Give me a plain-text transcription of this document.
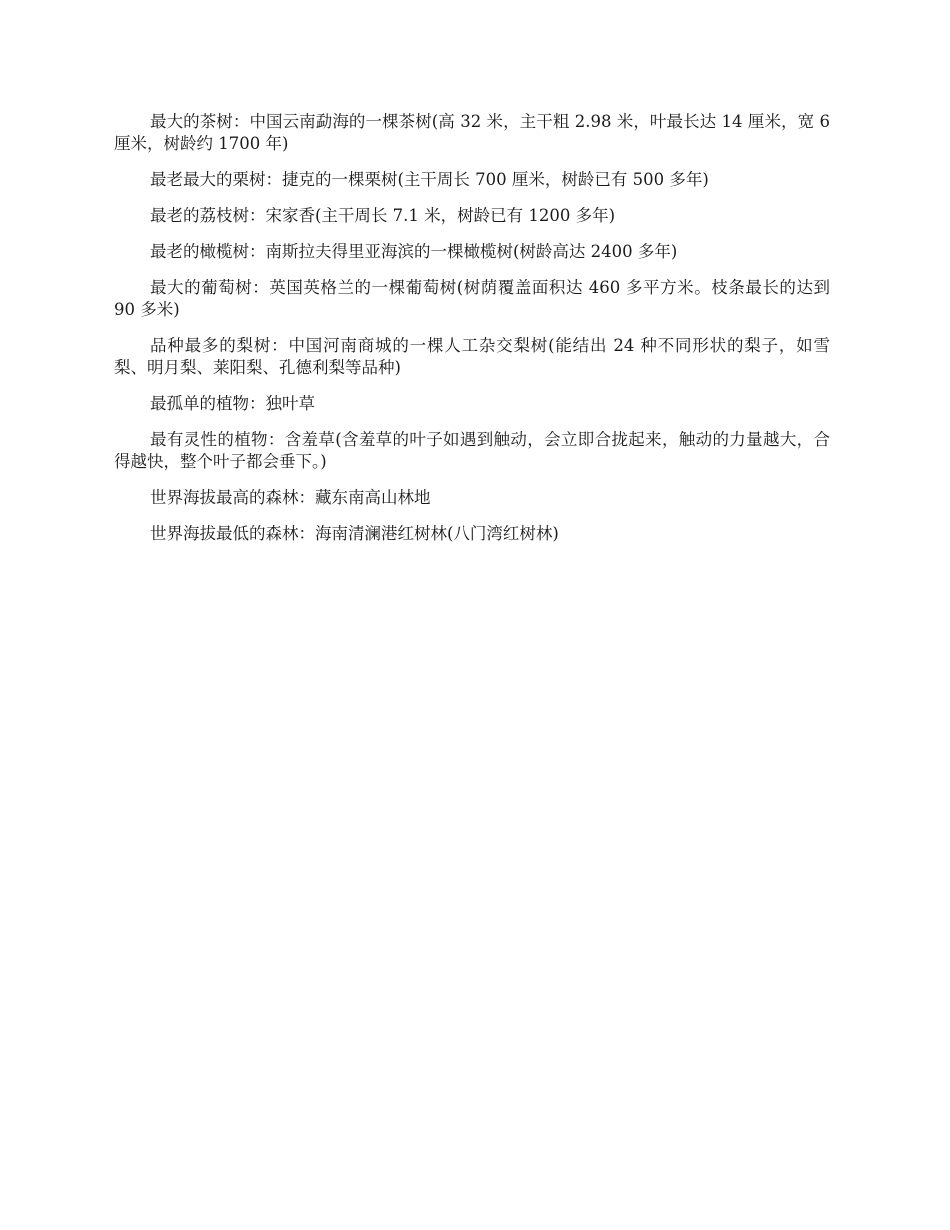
最大的茶树：中国云南勐海的一棵茶树(高 32 米，主干粗 2.98 米，叶最长达 14 厘米，宽 6 厘米，树龄约 1700 年)

最老最大的栗树：捷克的一棵栗树(主干周长 700 厘米，树龄已有 500 多年)

最老的荔枝树：宋家香(主干周长 7.1 米，树龄已有 1200 多年)

最老的橄榄树：南斯拉夫得里亚海滨的一棵橄榄树(树龄高达 2400 多年)

最大的葡萄树：英国英格兰的一棵葡萄树(树荫覆盖面积达 460 多平方米。枝条最长的达到 90 多米)

品种最多的梨树：中国河南商城的一棵人工杂交梨树(能结出 24 种不同形状的梨子，如雪梨、明月梨、莱阳梨、孔德利梨等品种)

最孤单的植物：独叶草

最有灵性的植物：含羞草(含羞草的叶子如遇到触动，会立即合拢起来，触动的力量越大，合得越快，整个叶子都会垂下。)

世界海拔最高的森林：藏东南高山林地

世界海拔最低的森林：海南清澜港红树林(八门湾红树林)
